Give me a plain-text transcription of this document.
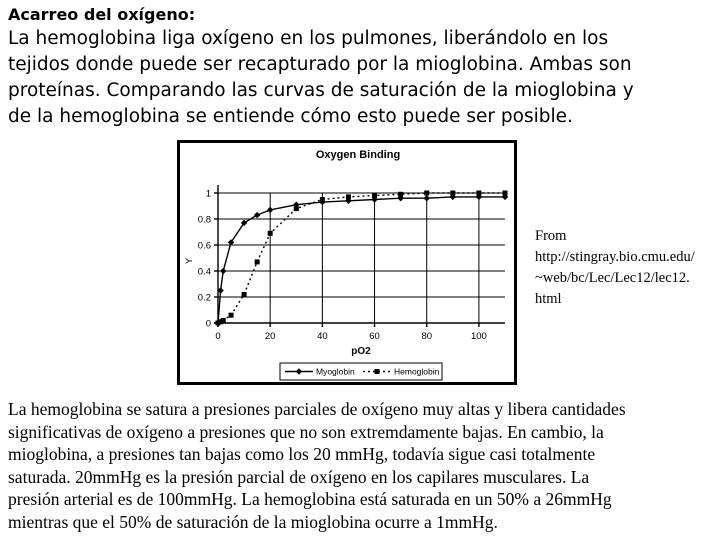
Acarreo del oxígeno:
La hemoglobina liga oxígeno en los pulmones, liberándolo en los
tejidos donde puede ser recapturado por la mioglobina. Ambas son
proteínas. Comparando las curvas de saturación de la mioglobina y
de la hemoglobina se entiende cómo esto puede ser posible.
0	20	40	60	80	100
0
0.2
0.4
0.6
0.8
1
Oxygen Binding
pO2
Y
Myoglobin	Hemoglobin
From
http://stingray.bio.cmu.edu/
~web/bc/Lec/Lec12/lec12.
html
La hemoglobina se satura a presiones parciales de oxígeno muy altas y libera cantidades
significativas de oxígeno a presiones que no son extremdamente bajas. En cambio, la
mioglobina, a presiones tan bajas como los 20 mmHg, todavía sigue casi totalmente
saturada. 20mmHg es la presión parcial de oxígeno en los capilares musculares. La
presión arterial es de 100mmHg. La hemoglobina está saturada en un 50% a 26mmHg
mientras que el 50% de saturación de la mioglobina ocurre a 1mmHg.
